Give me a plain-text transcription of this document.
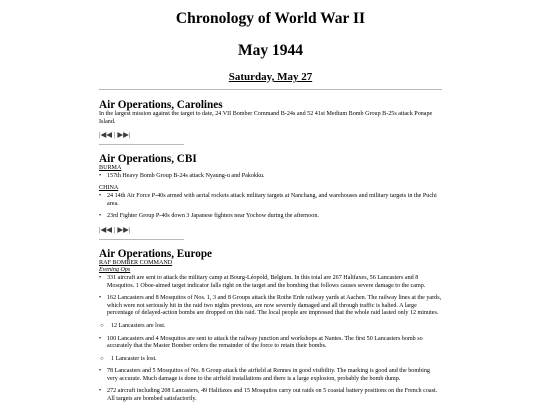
Chronology of World War II
May 1944
Saturday, May 27
Air Operations, Carolines
In the largest mission against the target to date, 24 VII Bomber Command B-24s and 52 41st Medium Bomb Group B-25s attack Ponape Island.
|◀◀ | ▶▶|
Air Operations, CBI
BURMA
• 157th Heavy Bomb Group B-24s attack Nyaung-u and Pakokku.
CHINA
• 24 14th Air Force P-40s armed with aerial rockets attack military targets at Nanchang, and warehouses and military targets in the Puchi area.
• 23rd Fighter Group P-40s down 3 Japanese fighters near Yochow during the afternoon.
|◀◀ | ▶▶|
Air Operations, Europe
RAF BOMBER COMMAND
Evening Ops
• 331 aircraft are sent to attack the military camp at Bourg-Léopold, Belgium. In this total are 267 Halifaxes, 56 Lancasters and 8 Mosquitos. 1 Oboe-aimed target indicator falls right on the target and the bombing that follows causes severe damage to the camp.
• 162 Lancasters and 8 Mosquitos of Nos. 1, 3 and 8 Groups attack the Rothe Erde railway yards at Aachen. The railway lines at the yards, which were not seriously hit in the raid two nights previous, are now severely damaged and all through traffic is halted. A large percentage of delayed-action bombs are dropped on this raid. The local people are impressed that the whole raid lasted only 12 minutes.
○ 12 Lancasters are lost.
• 100 Lancasters and 4 Mosquitos are sent to attack the railway junction and workshops at Nantes. The first 50 Lancasters bomb so accurately that the Master Bomber orders the remainder of the force to retain their bombs.
○ 1 Lancaster is lost.
• 78 Lancasters and 5 Mosquitos of No. 8 Group attack the airfield at Rennes in good visibility. The marking is good and the bombing very accurate. Much damage is done to the airfield installations and there is a large explosion, probably the bomb dump.
• 272 aircraft including 208 Lancasters, 49 Halifaxes and 15 Mosquitos carry out raids on 5 coastal battery positions on the French coast. All targets are bombed satisfactorily.
